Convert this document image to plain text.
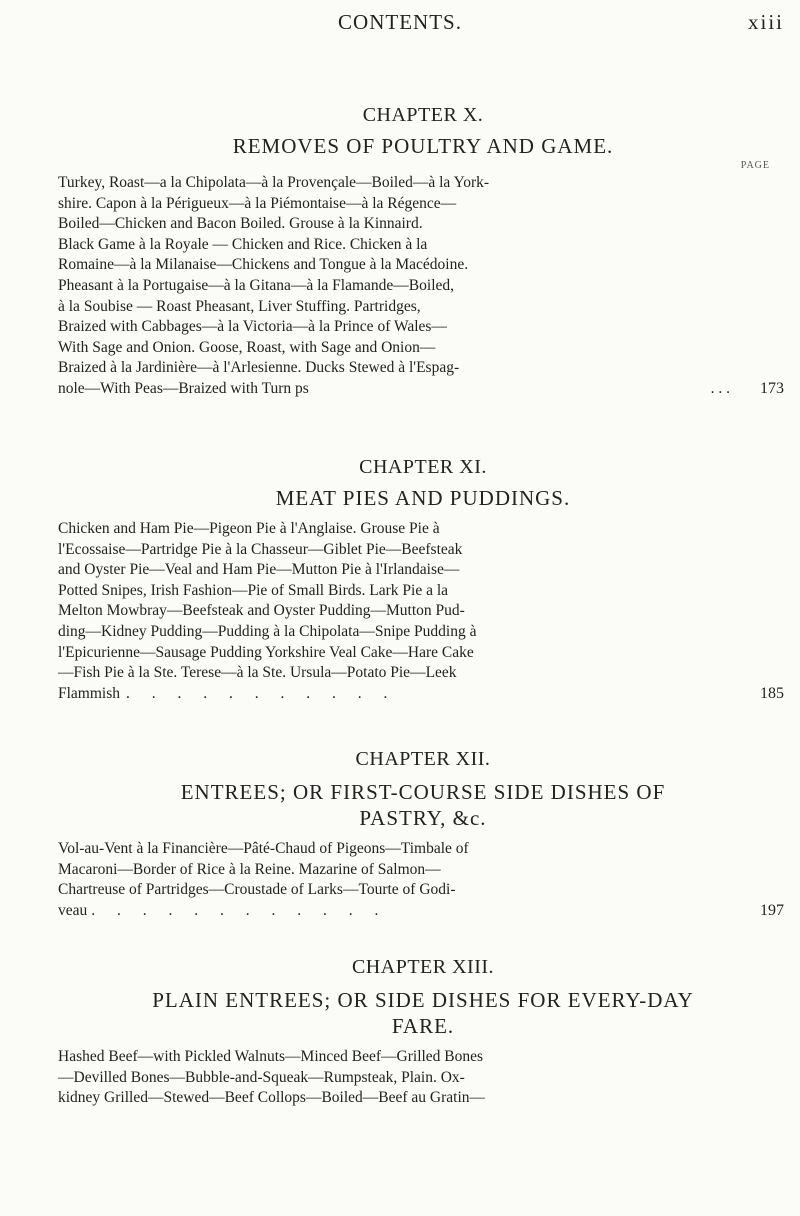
CONTENTS.	xiii
CHAPTER X.
REMOVES OF POULTRY AND GAME.
PAGE
Turkey, Roast—a la Chipolata—à la Provençale—Boiled—à la York-
shire. Capon à la Périgueux—à la Piémontaise—à la Régence—
Boiled—Chicken and Bacon Boiled. Grouse à la Kinnaird.
Black Game à la Royale — Chicken and Rice. Chicken à la
Romaine—à la Milanaise—Chickens and Tongue à la Macédoine.
Pheasant à la Portugaise—à la Gitana—à la Flamande—Boiled,
à la Soubise — Roast Pheasant, Liver Stuffing. Partridges,
Braized with Cabbages—à la Victoria—à la Prince of Wales—
With Sage and Onion. Goose, Roast, with Sage and Onion—
Braized à la Jardinière—à l'Arlesienne. Ducks Stewed à l'Espag-
nole—With Peas—Braized with Turn ps	. . . 173
CHAPTER XI.
MEAT PIES AND PUDDINGS.
Chicken and Ham Pie—Pigeon Pie à l'Anglaise. Grouse Pie à
l'Ecossaise—Partridge Pie à la Chasseur—Giblet Pie—Beefsteak
and Oyster Pie—Veal and Ham Pie—Mutton Pie à l'Irlandaise—
Potted Snipes, Irish Fashion—Pie of Small Birds. Lark Pie a la
Melton Mowbray—Beefsteak and Oyster Pudding—Mutton Pud-
ding—Kidney Pudding—Pudding à la Chipolata—Snipe Pudding à
l'Epicurienne—Sausage Pudding Yorkshire Veal Cake—Hare Cake
—Fish Pie à la Ste. Terese—à la Ste. Ursula—Potato Pie—Leek
Flammish . . . . . . . . . . .	185
CHAPTER XII.
ENTREES; OR FIRST-COURSE SIDE DISHES OF
PASTRY, &c.
Vol-au-Vent à la Financière—Pâté-Chaud of Pigeons—Timbale of
Macaroni—Border of Rice à la Reine. Mazarine of Salmon—
Chartreuse of Partridges—Croustade of Larks—Tourte of Godi-
veau . . . . . . . . . . . .	197
CHAPTER XIII.
PLAIN ENTREES; OR SIDE DISHES FOR EVERY-DAY
FARE.
Hashed Beef—with Pickled Walnuts—Minced Beef—Grilled Bones
—Devilled Bones—Bubble-and-Squeak—Rumpsteak, Plain. Ox-
kidney Grilled—Stewed—Beef Collops—Boiled—Beef au Gratin—
